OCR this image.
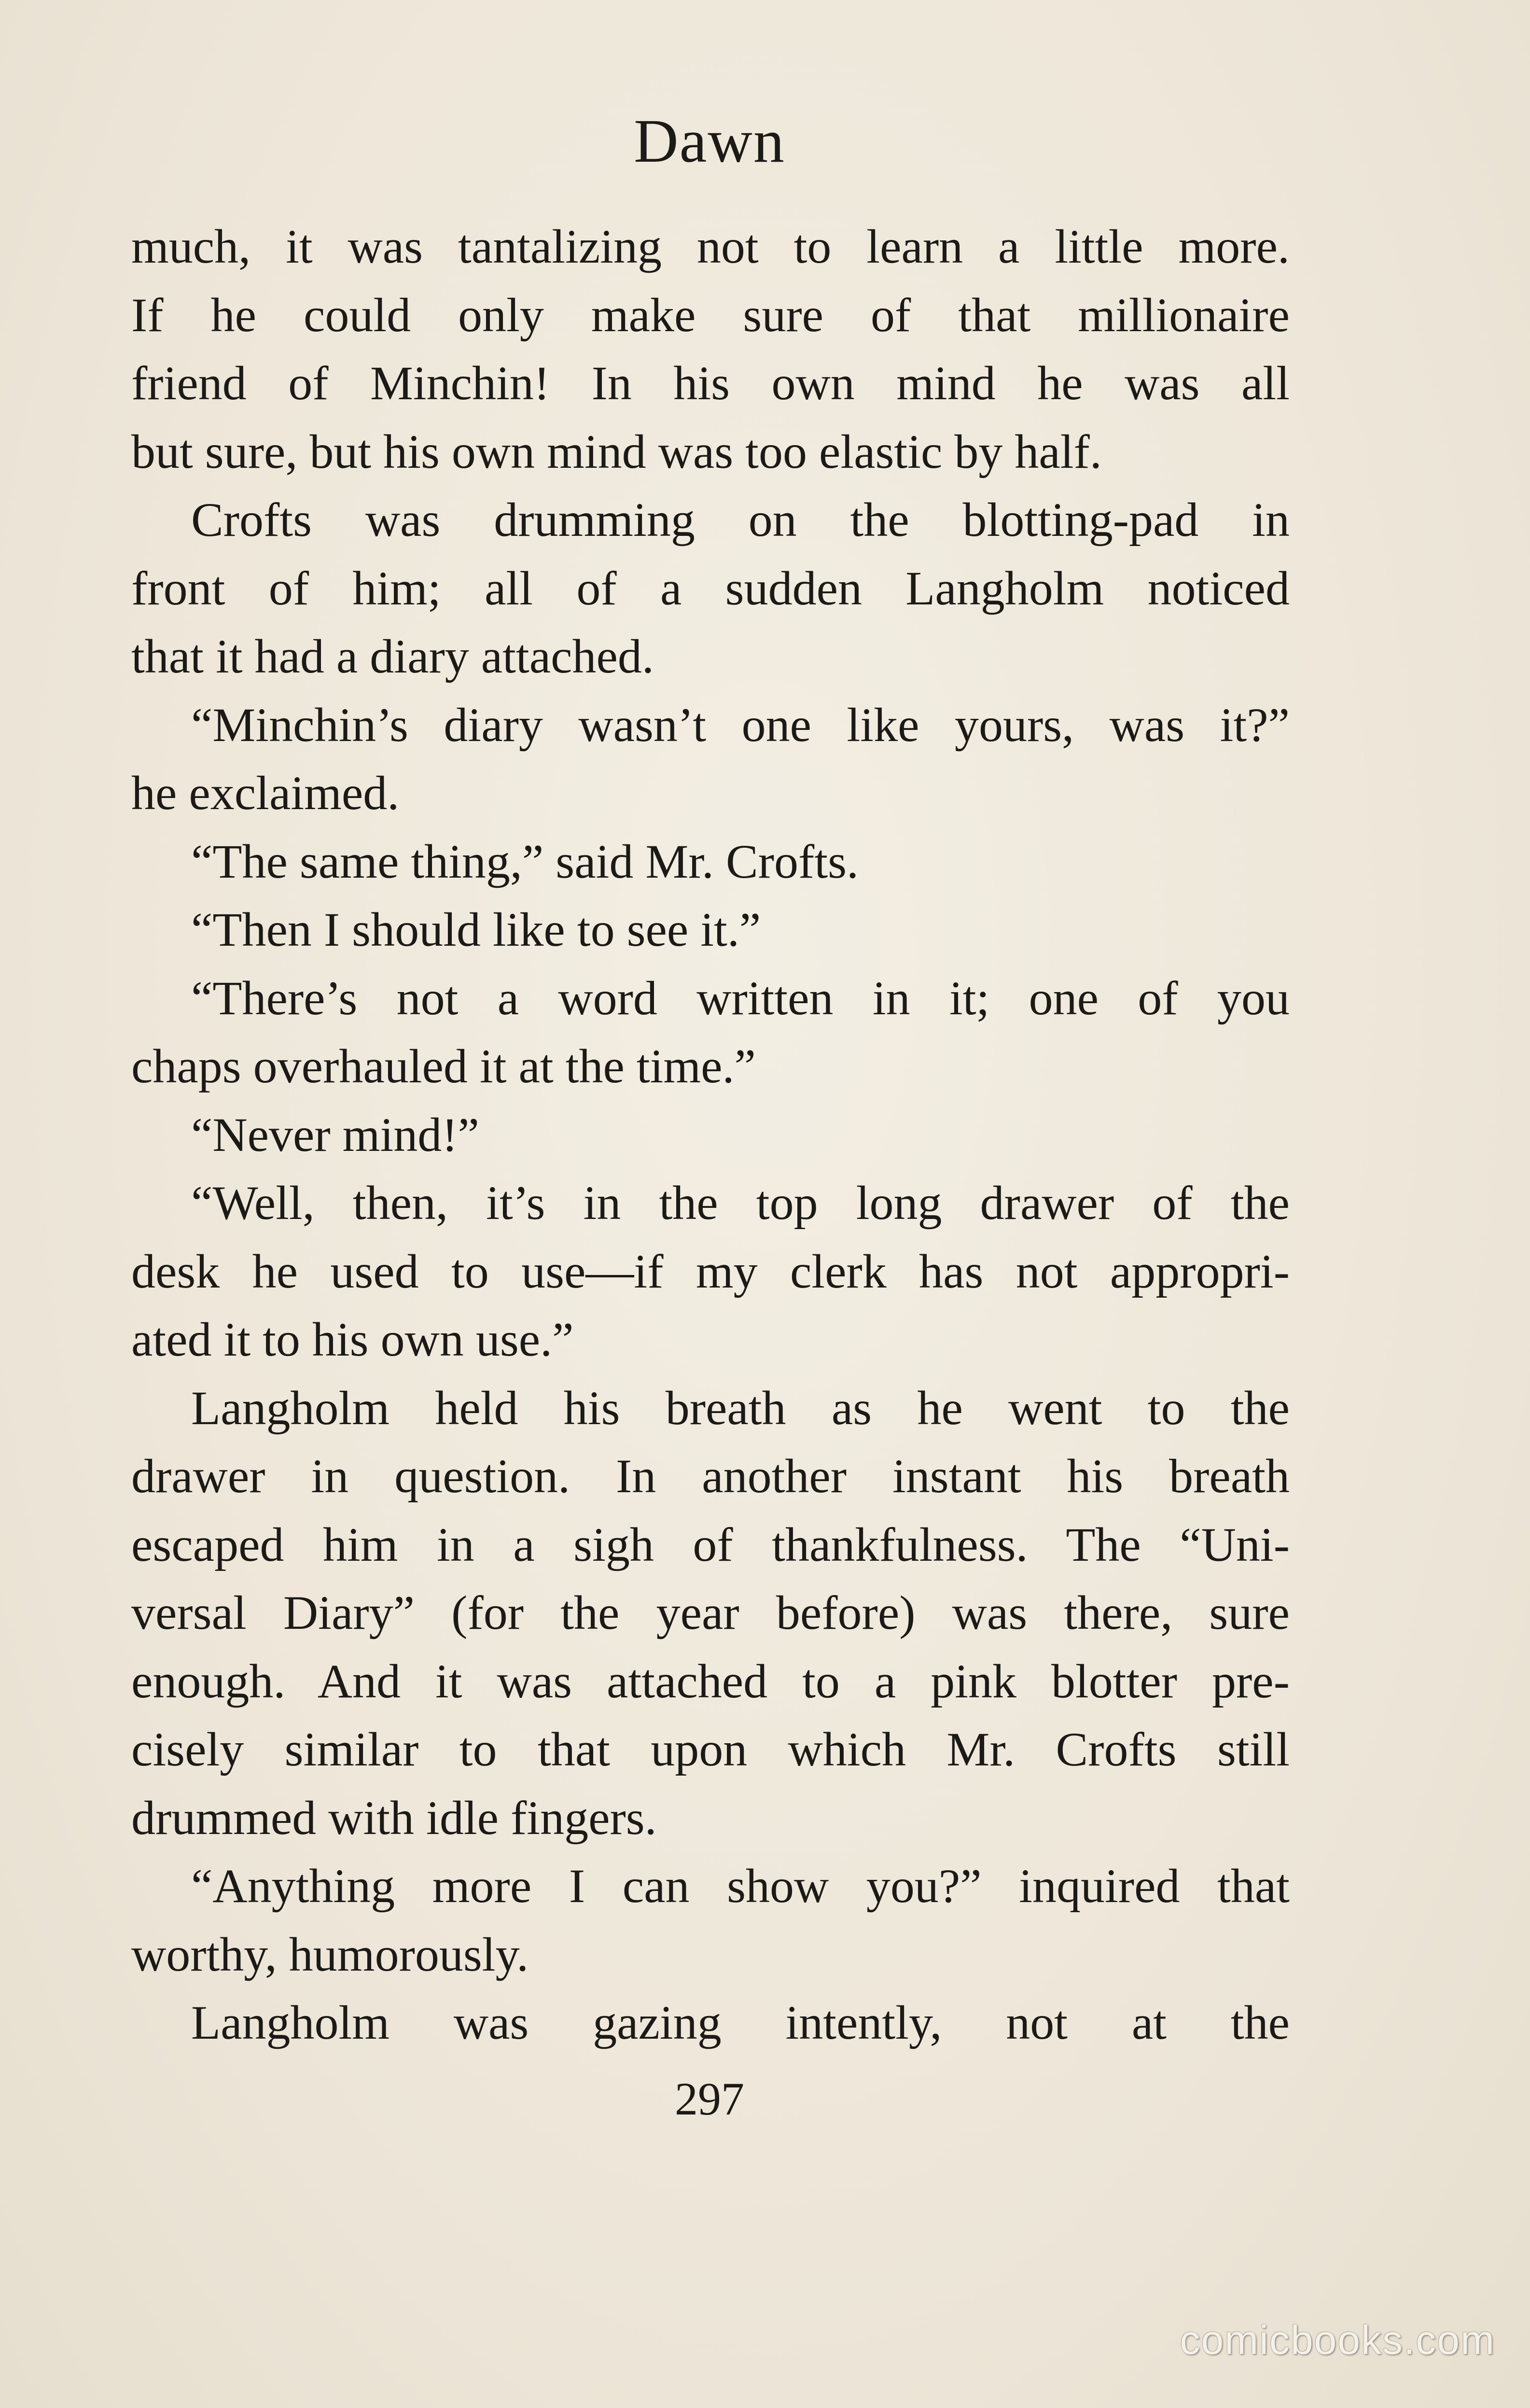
Dawn
much, it was tantalizing not to learn a little more.
If he could only make sure of that millionaire
friend of Minchin! In his own mind he was all
but sure, but his own mind was too elastic by half.
Crofts was drumming on the blotting-pad in
front of him; all of a sudden Langholm noticed
that it had a diary attached.
“Minchin’s diary wasn’t one like yours, was it?”
he exclaimed.
“The same thing,” said Mr. Crofts.
“Then I should like to see it.”
“There’s not a word written in it; one of you
chaps overhauled it at the time.”
“Never mind!”
“Well, then, it’s in the top long drawer of the
desk he used to use—if my clerk has not appropri-
ated it to his own use.”
Langholm held his breath as he went to the
drawer in question. In another instant his breath
escaped him in a sigh of thankfulness. The “Uni-
versal Diary” (for the year before) was there, sure
enough. And it was attached to a pink blotter pre-
cisely similar to that upon which Mr. Crofts still
drummed with idle fingers.
“Anything more I can show you?” inquired that
worthy, humorously.
Langholm was gazing intently, not at the
297
comicbooks.com
